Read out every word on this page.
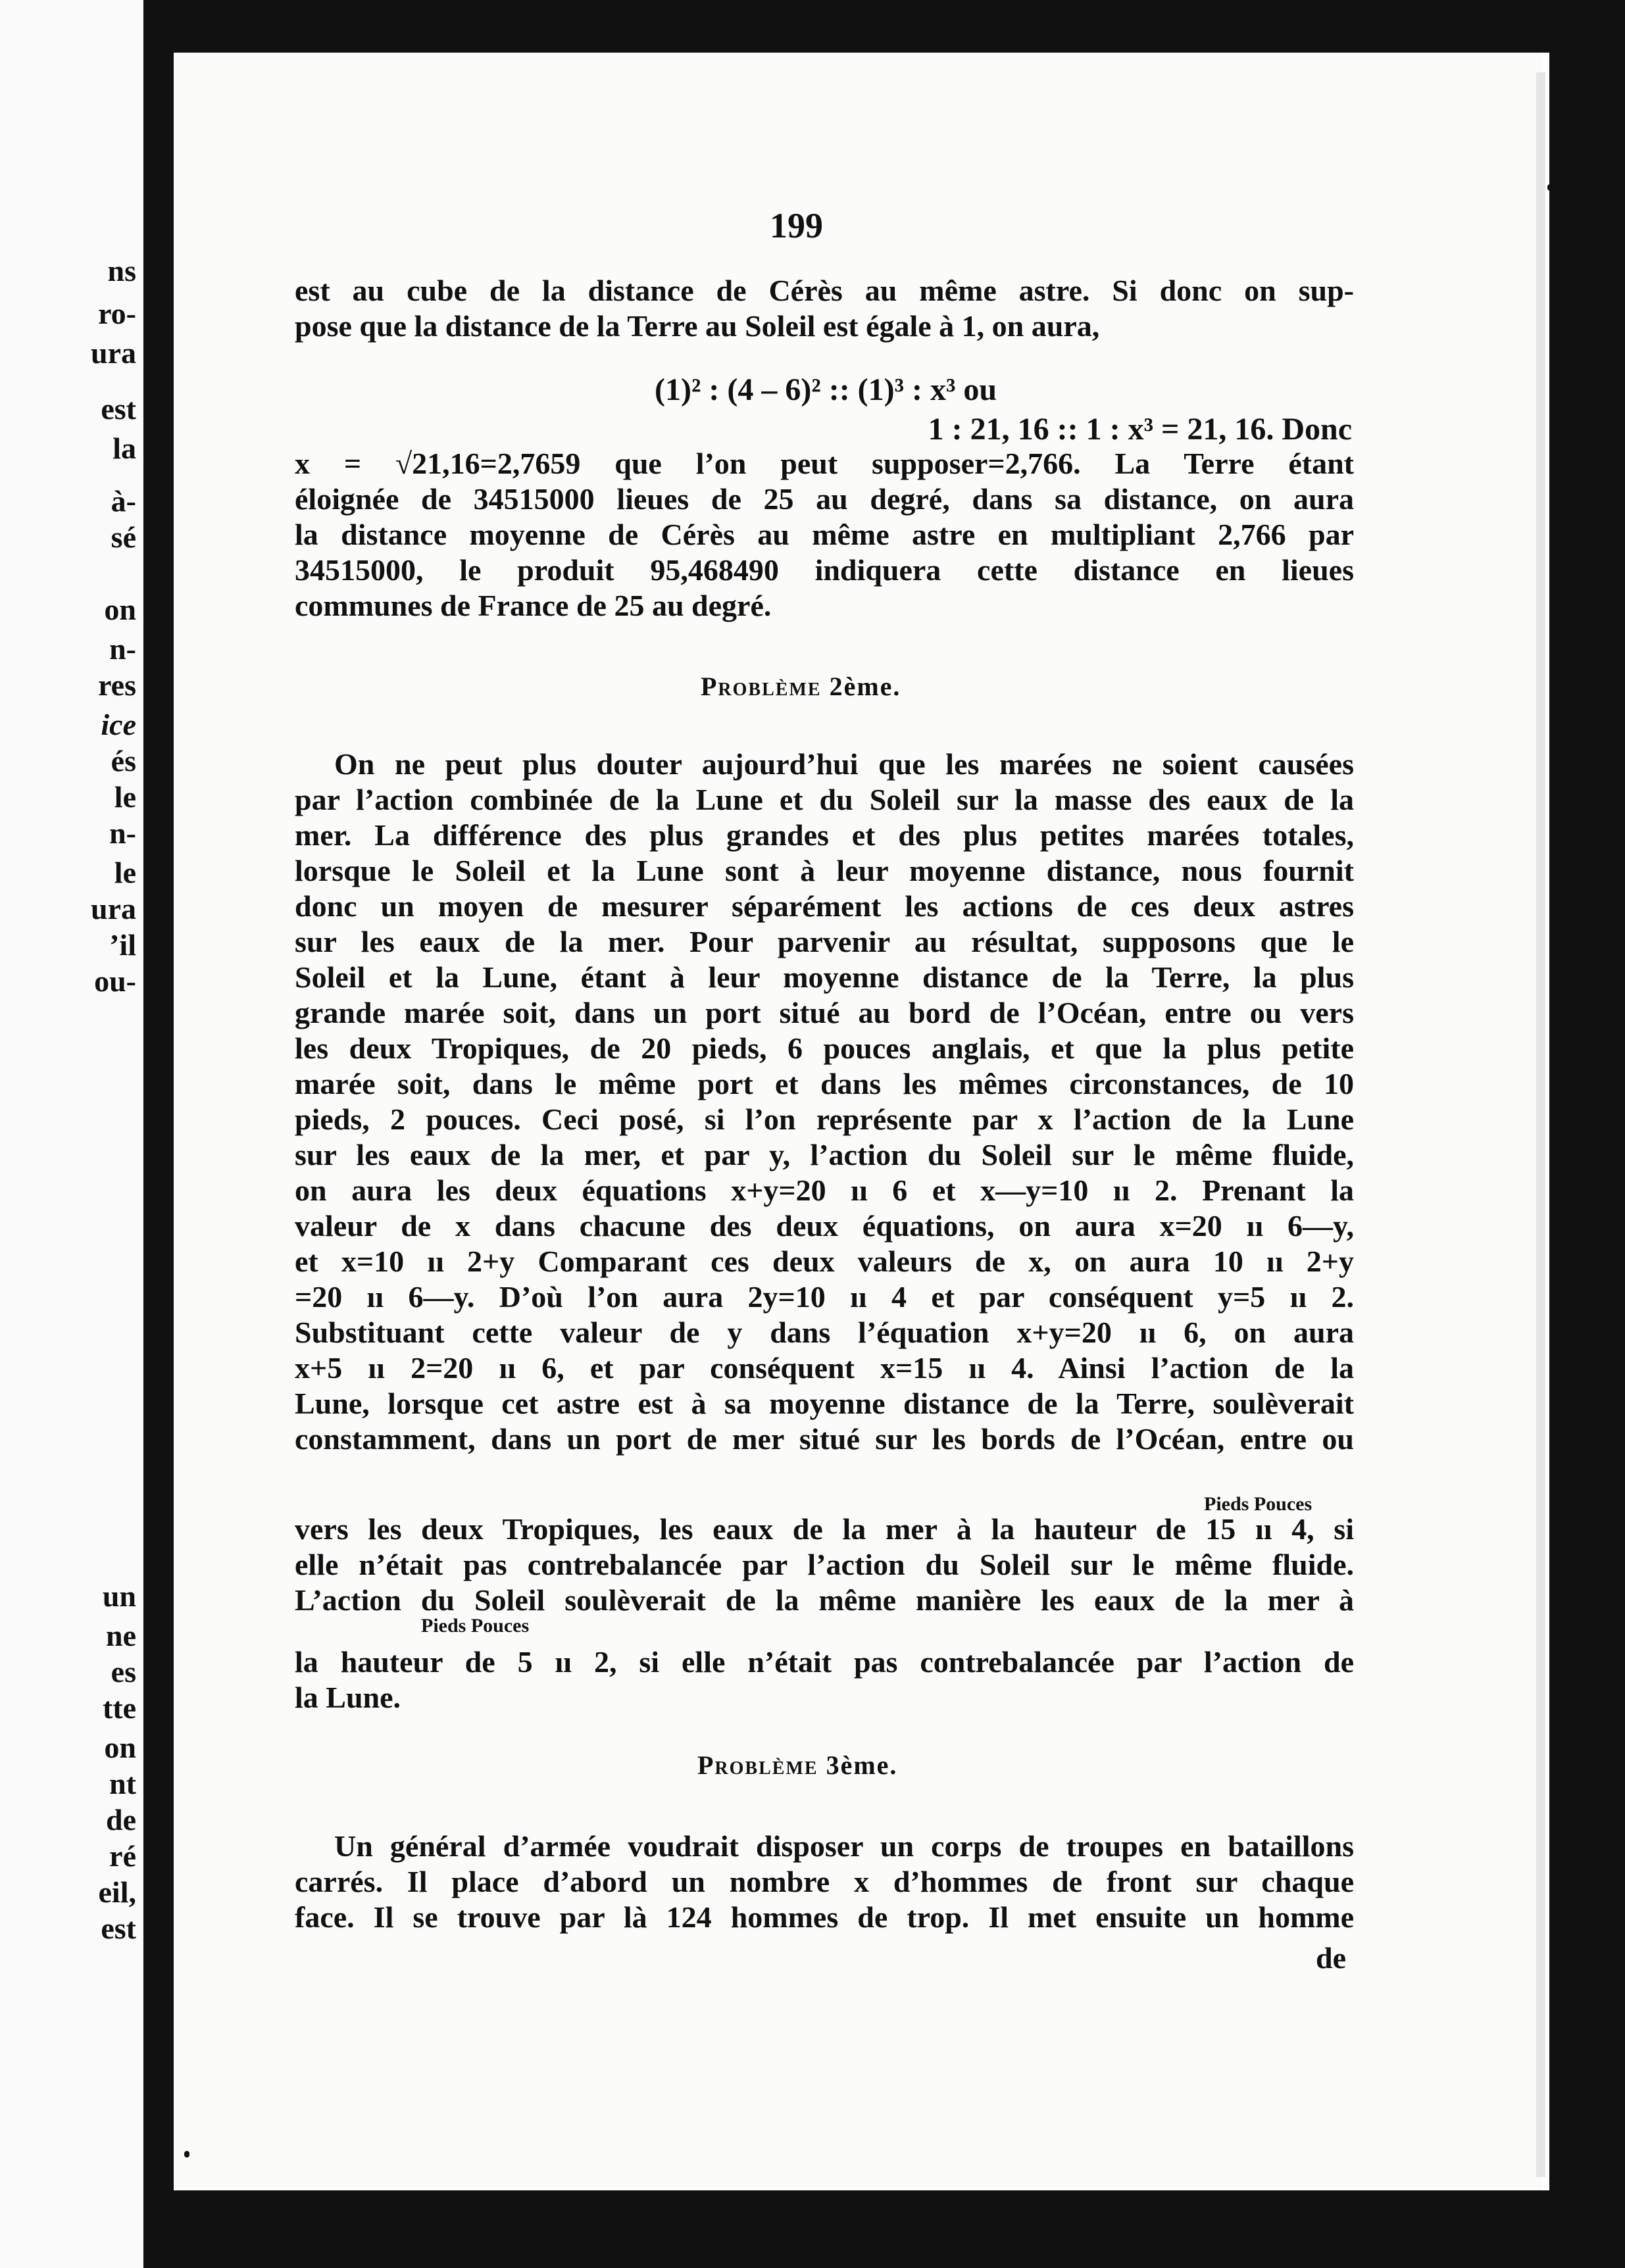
ns
ro-
ura
est
la
à-
sé
on
n-
res
ice
és
le
n-
le
ura
’il
ou-
un
ne
es
tte
on
nt
de
ré
eil,
est
199
est au cube de la distance de Cérès au même astre. Si donc on sup-
pose que la distance de la Terre au Soleil est égale à 1, on aura,
(1)² : (4 – 6)² :: (1)³ : x³ ou
1 : 21, 16 :: 1 : x³ = 21, 16. Donc
x = √21,16=2,7659 que l’on peut supposer=2,766. La Terre étant
éloignée de 34515000 lieues de 25 au degré, dans sa distance, on aura
la distance moyenne de Cérès au même astre en multipliant 2,766 par
34515000, le produit 95,468490 indiquera cette distance en lieues
communes de France de 25 au degré.
Problème 2ème.
On ne peut plus douter aujourd’hui que les marées ne soient causées
par l’action combinée de la Lune et du Soleil sur la masse des eaux de la
mer. La différence des plus grandes et des plus petites marées totales,
lorsque le Soleil et la Lune sont à leur moyenne distance, nous fournit
donc un moyen de mesurer séparément les actions de ces deux astres
sur les eaux de la mer. Pour parvenir au résultat, supposons que le
Soleil et la Lune, étant à leur moyenne distance de la Terre, la plus
grande marée soit, dans un port situé au bord de l’Océan, entre ou vers
les deux Tropiques, de 20 pieds, 6 pouces anglais, et que la plus petite
marée soit, dans le même port et dans les mêmes circonstances, de 10
pieds, 2 pouces. Ceci posé, si l’on représente par x l’action de la Lune
sur les eaux de la mer, et par y, l’action du Soleil sur le même fluide,
on aura les deux équations x+y=20 ıı 6 et x—y=10 ıı 2. Prenant la
valeur de x dans chacune des deux équations, on aura x=20 ıı 6—y,
et x=10 ıı 2+y Comparant ces deux valeurs de x, on aura 10 ıı 2+y
=20 ıı 6—y. D’où l’on aura 2y=10 ıı 4 et par conséquent y=5 ıı 2.
Substituant cette valeur de y dans l’équation x+y=20 ıı 6, on aura
x+5 ıı 2=20 ıı 6, et par conséquent x=15 ıı 4. Ainsi l’action de la
Lune, lorsque cet astre est à sa moyenne distance de la Terre, soulèverait
constamment, dans un port de mer situé sur les bords de l’Océan, entre ou
Pieds Pouces
vers les deux Tropiques, les eaux de la mer à la hauteur de 15 ıı 4, si
elle n’était pas contrebalancée par l’action du Soleil sur le même fluide.
L’action du Soleil soulèverait de la même manière les eaux de la mer à
Pieds Pouces
la hauteur de 5 ıı 2, si elle n’était pas contrebalancée par l’action de
la Lune.
Problème 3ème.
Un général d’armée voudrait disposer un corps de troupes en bataillons
carrés. Il place d’abord un nombre x d’hommes de front sur chaque
face. Il se trouve par là 124 hommes de trop. Il met ensuite un homme
de
